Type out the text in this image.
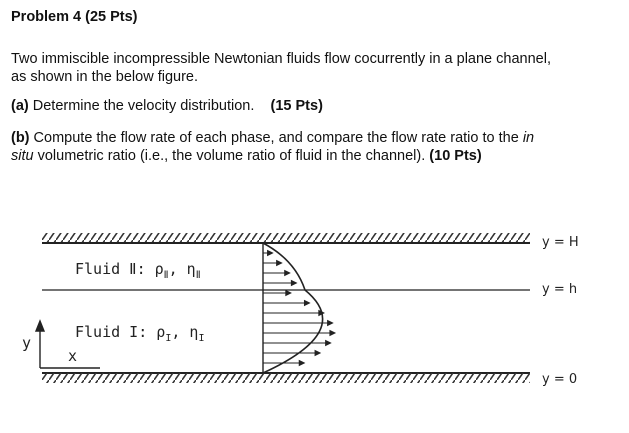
Problem 4 (25 Pts)
Two immiscible incompressible Newtonian fluids flow cocurrently in a plane channel,
as shown in the below figure.
(a) Determine the velocity distribution. (15 Pts)
(b) Compute the flow rate of each phase, and compare the flow rate ratio to the in
situ volumetric ratio (i.e., the volume ratio of fluid in the channel). (10 Pts)
y
x
Fluid Ⅱ: $\rho_Ⅱ$, $\eta_Ⅱ$
Fluid I: $\rho_I$, $\eta_I$
y = H
y = h
y = 0
